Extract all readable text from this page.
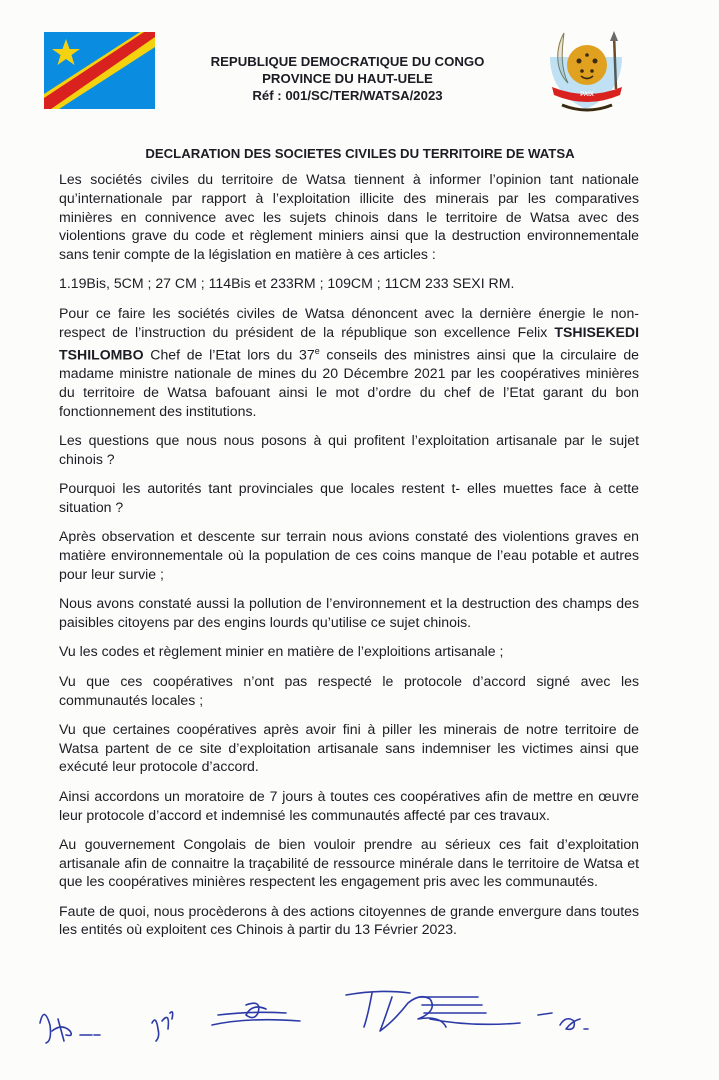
REPUBLIQUE DEMOCRATIQUE DU CONGO
PROVINCE DU HAUT-UELE
Réf : 001/SC/TER/WATSA/2023	PAIX
DECLARATION DES SOCIETES CIVILES DU TERRITOIRE DE WATSA

Les sociétés civiles du territoire de Watsa tiennent à informer l’opinion tant nationale qu’internationale par rapport à l’exploitation illicite des minerais par les comparatives minières en connivence avec les sujets chinois dans le territoire de Watsa avec des violentions grave du code et règlement miniers ainsi que la destruction environnementale sans tenir compte de la législation en matière à ces articles :

1.19Bis, 5CM ; 27 CM ; 114Bis et 233RM ; 109CM ; 11CM 233 SEXI RM.

Pour ce faire les sociétés civiles de Watsa dénoncent avec la dernière énergie le non-respect de l’instruction du président de la république son excellence Felix TSHISEKEDI TSHILOMBO Chef de l’Etat lors du 37e conseils des ministres ainsi que la circulaire de madame ministre nationale de mines du 20 Décembre 2021 par les coopératives minières du territoire de Watsa bafouant ainsi le mot d’ordre du chef de l’Etat garant du bon fonctionnement des institutions.

Les questions que nous nous posons à qui profitent l’exploitation artisanale par le sujet chinois ?

Pourquoi les autorités tant provinciales que locales restent t- elles muettes face à cette situation ?

Après observation et descente sur terrain nous avions constaté des violentions graves en matière environnementale où la population de ces coins manque de l’eau potable et autres pour leur survie ;

Nous avons constaté aussi la pollution de l’environnement et la destruction des champs des paisibles citoyens par des engins lourds qu’utilise ce sujet chinois.

Vu les codes et règlement minier en matière de l’exploitions artisanale ;

Vu que ces coopératives n’ont pas respecté le protocole d’accord signé avec les communautés locales ;

Vu que certaines coopératives après avoir fini à piller les minerais de notre territoire de Watsa partent de ce site d’exploitation artisanale sans indemniser les victimes ainsi que exécuté leur protocole d’accord.

Ainsi accordons un moratoire de 7 jours à toutes ces coopératives afin de mettre en œuvre leur protocole d’accord et indemnisé les communautés affecté par ces travaux.

Au gouvernement Congolais de bien vouloir prendre au sérieux ces fait d’exploitation artisanale afin de connaitre la traçabilité de ressource minérale dans le territoire de Watsa et que les coopératives minières respectent les engagement pris avec les communautés.

Faute de quoi, nous procèderons à des actions citoyennes de grande envergure dans toutes les entités où exploitent ces Chinois à partir du 13 Février 2023.
